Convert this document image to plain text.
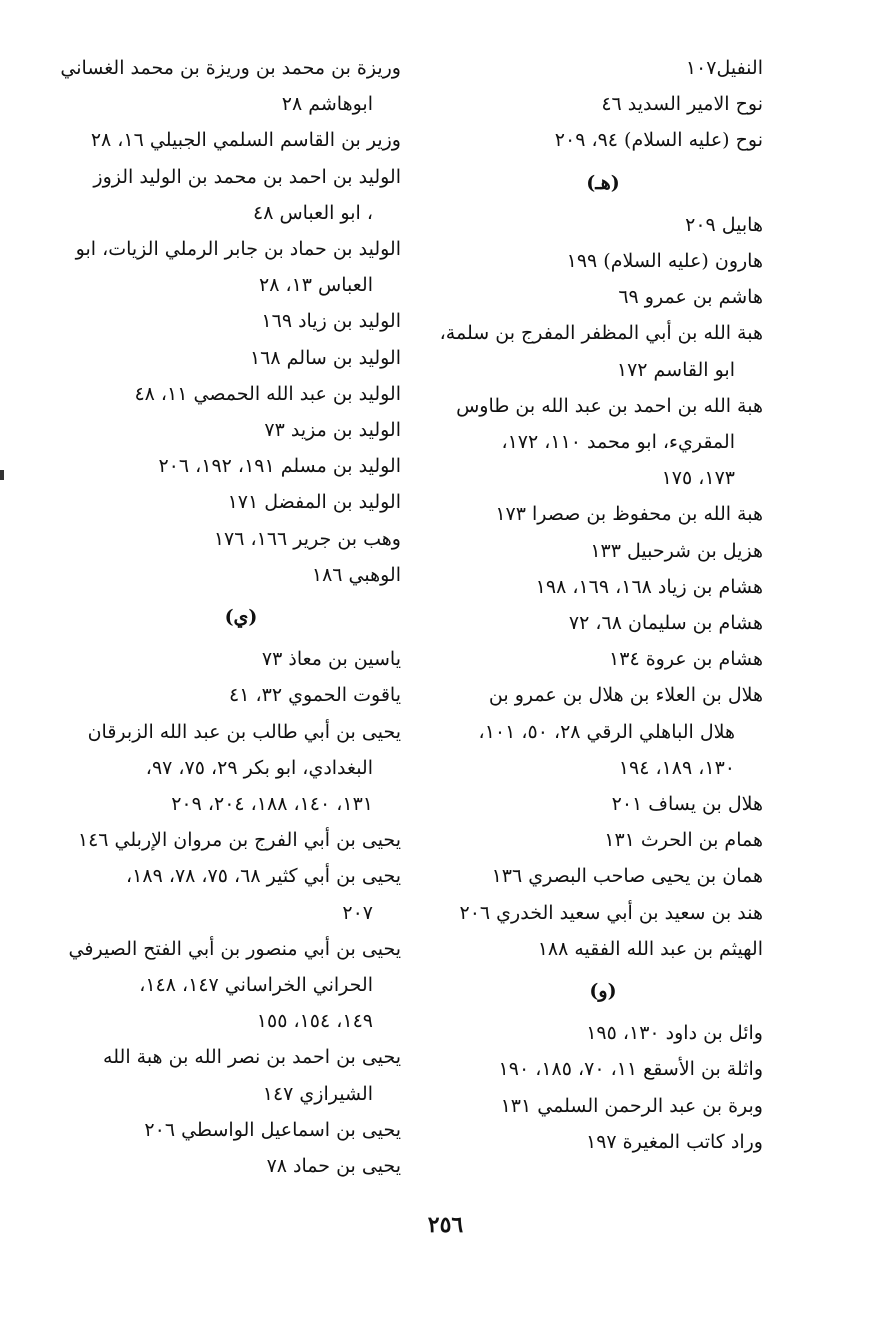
النفيل١٠٧
نوح الامير السديد ٤٦
نوح (عليه السلام) ٩٤، ٢٠٩
(هـ)
هابيل ٢٠٩
هارون (عليه السلام) ١٩٩
هاشم بن عمرو ٦٩
هبة الله بن أبي المظفر المفرج بن سلمة،
ابو القاسم ١٧٢
هبة الله بن احمد بن عبد الله بن طاوس
المقريء، ابو محمد ١١٠، ١٧٢،
١٧٣، ١٧٥
هبة الله بن محفوظ بن صصرا ١٧٣
هزيل بن شرحبيل ١٣٣
هشام بن زياد ١٦٨، ١٦٩، ١٩٨
هشام بن سليمان ٦٨، ٧٢
هشام بن عروة ١٣٤
هلال بن العلاء بن هلال بن عمرو بن
هلال الباهلي الرقي ٢٨، ٥٠، ١٠١،
١٣٠، ١٨٩، ١٩٤
هلال بن يساف ٢٠١
همام بن الحرث ١٣١
همان بن يحيى صاحب البصري ١٣٦
هند بن سعيد بن أبي سعيد الخدري ٢٠٦
الهيثم بن عبد الله الفقيه ١٨٨
(و)
وائل بن داود ١٣٠، ١٩٥
واثلة بن الأسقع ١١، ٧٠، ١٨٥، ١٩٠
وبرة بن عبد الرحمن السلمي ١٣١
وراد كاتب المغيرة ١٩٧
وريزة بن محمد بن وريزة بن محمد الغساني
ابوهاشم ٢٨
وزير بن القاسم السلمي الجبيلي ١٦، ٢٨
الوليد بن احمد بن محمد بن الوليد الزوز
، ابو العباس ٤٨
الوليد بن حماد بن جابر الرملي الزيات، ابو
العباس ١٣، ٢٨
الوليد بن زياد ١٦٩
الوليد بن سالم ١٦٨
الوليد بن عبد الله الحمصي ١١، ٤٨
الوليد بن مزيد ٧٣
الوليد بن مسلم ١٩١، ١٩٢، ٢٠٦
الوليد بن المفضل ١٧١
وهب بن جرير ١٦٦، ١٧٦
الوهبي ١٨٦
(ي)
ياسين بن معاذ ٧٣
ياقوت الحموي ٣٢، ٤١
يحيى بن أبي طالب بن عبد الله الزبرقان
البغدادي، ابو بكر ٢٩، ٧٥، ٩٧،
١٣١، ١٤٠، ١٨٨، ٢٠٤، ٢٠٩
يحيى بن أبي الفرج بن مروان الإربلي ١٤٦
يحيى بن أبي كثير ٦٨، ٧٥، ٧٨، ١٨٩،
٢٠٧
يحيى بن أبي منصور بن أبي الفتح الصيرفي
الحراني الخراساني ١٤٧، ١٤٨،
١٤٩، ١٥٤، ١٥٥
يحيى بن احمد بن نصر الله بن هبة الله
الشيرازي ١٤٧
يحيى بن اسماعيل الواسطي ٢٠٦
يحيى بن حماد ٧٨
٢٥٦
